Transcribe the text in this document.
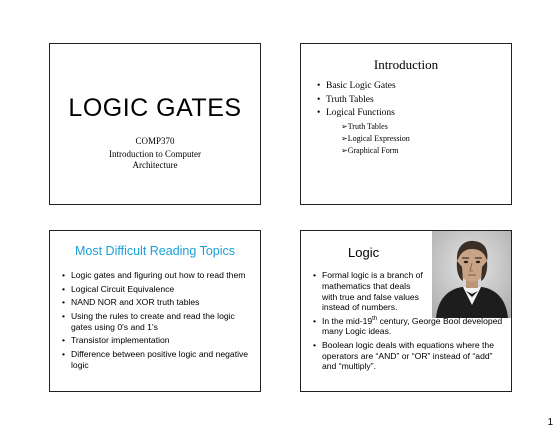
LOGIC GATES
COMP370
Introduction to Computer
Architecture
Introduction
• Basic Logic Gates
• Truth Tables
• Logical Functions
➢Truth Tables
➢Logical Expression
➢Graphical Form
Most Difficult Reading Topics
• Logic gates and figuring out how to read them
• Logical Circuit Equivalence
• NAND NOR and XOR truth tables
• Using the rules to create and read the logic gates using 0's and 1's
• Transistor implementation
• Difference between positive logic and negative logic
Logic
• Formal logic is a branch of mathematics that deals with true and false values instead of numbers.
• In the mid-19th century, George Bool developed many Logic ideas.
• Boolean logic deals with equations where the operators are “AND” or “OR” instead of “add” and “multiply”.
1
